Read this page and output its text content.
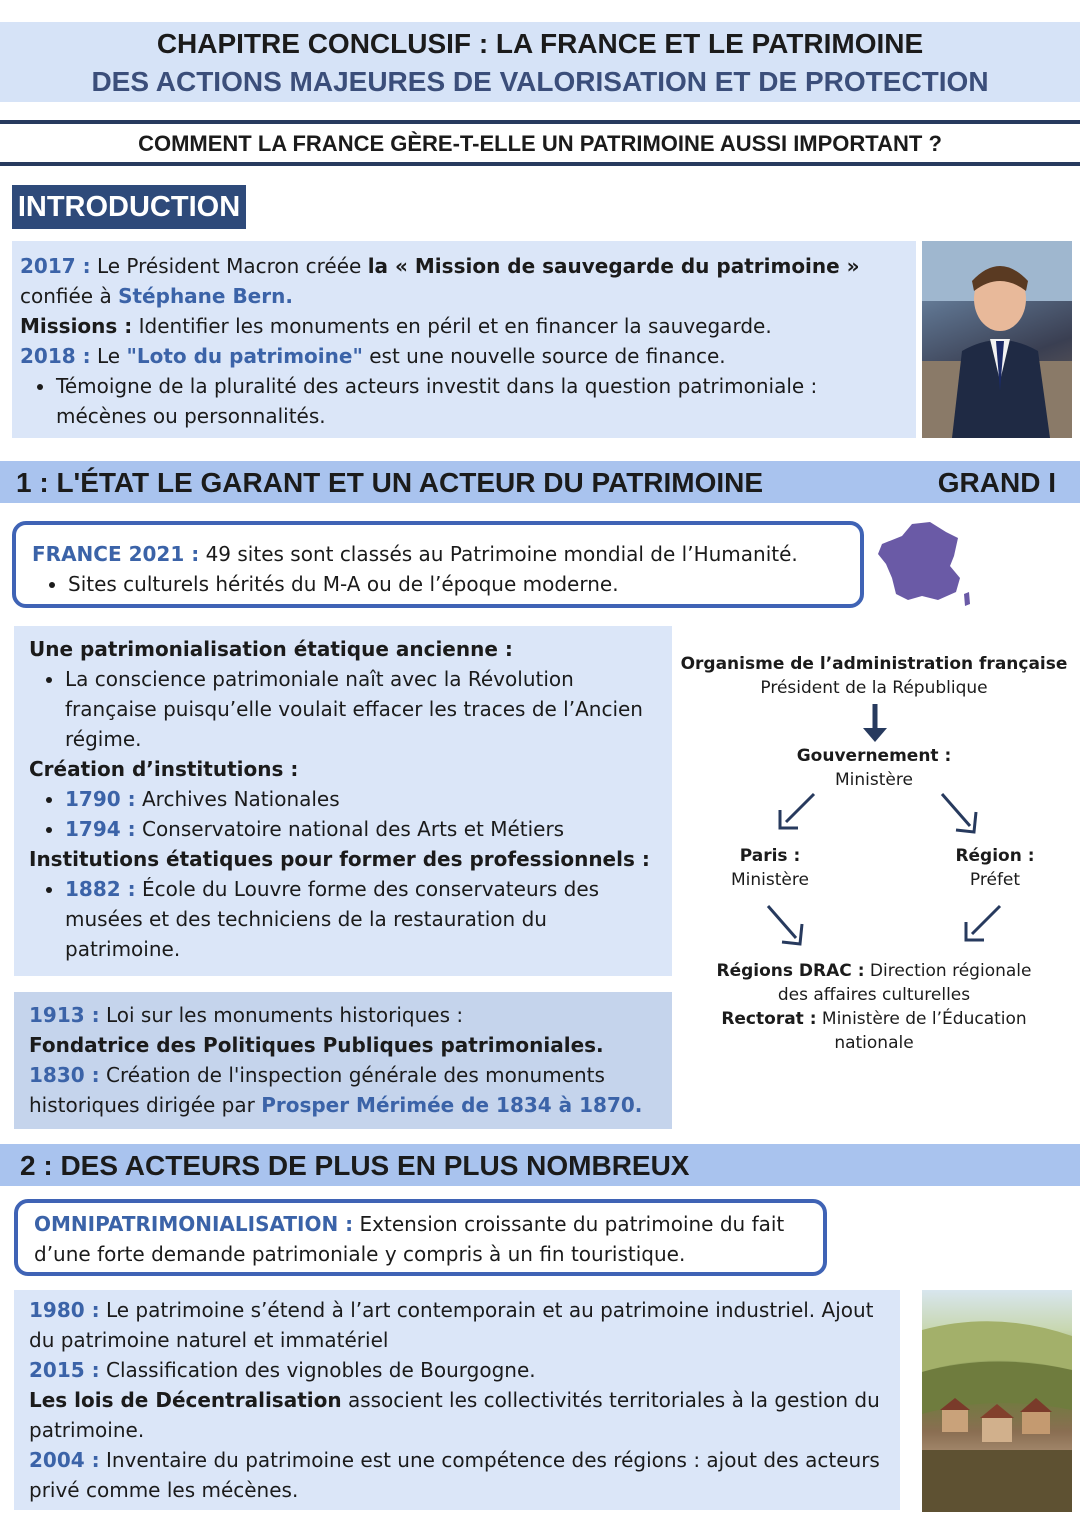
CHAPITRE CONCLUSIF : LA FRANCE ET LE PATRIMOINE
DES ACTIONS MAJEURES DE VALORISATION ET DE PROTECTION
COMMENT LA FRANCE GÈRE-T-ELLE UN PATRIMOINE AUSSI IMPORTANT ?
INTRODUCTION
2017 : Le Président Macron créée la « Mission de sauvegarde du patrimoine »
confiée à Stéphane Bern.
Missions : Identifier les monuments en péril et en financer la sauvegarde.
2018 : Le "Loto du patrimoine" est une nouvelle source de finance.
• Témoigne de la pluralité des acteurs investit dans la question patrimoniale : mécènes ou personnalités.
1 : L'ÉTAT LE GARANT ET UN ACTEUR DU PATRIMOINE	GRAND I
FRANCE 2021 : 49 sites sont classés au Patrimoine mondial de l’Humanité.
• Sites culturels hérités du M-A ou de l’époque moderne.
Une patrimonialisation étatique ancienne :
• La conscience patrimoniale naît avec la Révolution française puisqu’elle voulait effacer les traces de l’Ancien régime.
Création d’institutions :
• 1790 : Archives Nationales
• 1794 : Conservatoire national des Arts et Métiers
Institutions étatiques pour former des professionnels :
• 1882 : École du Louvre forme des conservateurs des musées et des techniciens de la restauration du patrimoine.
1913 : Loi sur les monuments historiques :
Fondatrice des Politiques Publiques patrimoniales.
1830 : Création de l'inspection générale des monuments historiques dirigée par Prosper Mérimée de 1834 à 1870.
Organisme de l’administration française
Président de la République
Gouvernement :
Ministère
Paris :
Ministère
Région :
Préfet
Régions DRAC : Direction régionale des affaires culturelles
Rectorat : Ministère de l’Éducation nationale
2 : DES ACTEURS DE PLUS EN PLUS NOMBREUX
OMNIPATRIMONIALISATION : Extension croissante du patrimoine du fait d’une forte demande patrimoniale y compris à un fin touristique.
1980 : Le patrimoine s’étend à l’art contemporain et au patrimoine industriel. Ajout du patrimoine naturel et immatériel
2015 : Classification des vignobles de Bourgogne.
Les lois de Décentralisation associent les collectivités territoriales à la gestion du patrimoine.
2004 : Inventaire du patrimoine est une compétence des régions : ajout des acteurs privé comme les mécènes.
